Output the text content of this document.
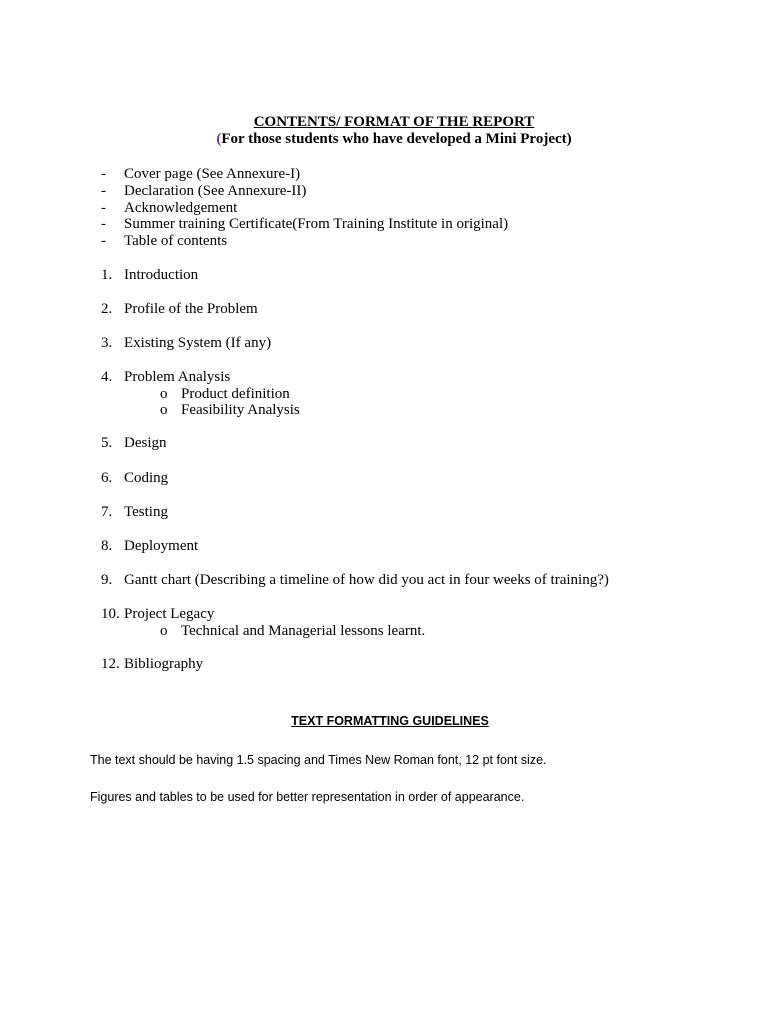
CONTENTS/ FORMAT OF THE REPORT
(For those students who have developed a Mini Project)
- Cover page (See Annexure-I)
- Declaration (See Annexure-II)
- Acknowledgement
- Summer training Certificate(From Training Institute in original)
- Table of contents
1. Introduction
2. Profile of the Problem
3. Existing System (If any)
4. Problem Analysis
o Product definition
o Feasibility Analysis
5. Design
6. Coding
7. Testing
8. Deployment
9. Gantt chart (Describing a timeline of how did you act in four weeks of training?)
10. Project Legacy
o Technical and Managerial lessons learnt.
12. Bibliography
TEXT FORMATTING GUIDELINES
The text should be having 1.5 spacing and Times New Roman font, 12 pt font size.
Figures and tables to be used for better representation in order of appearance.
